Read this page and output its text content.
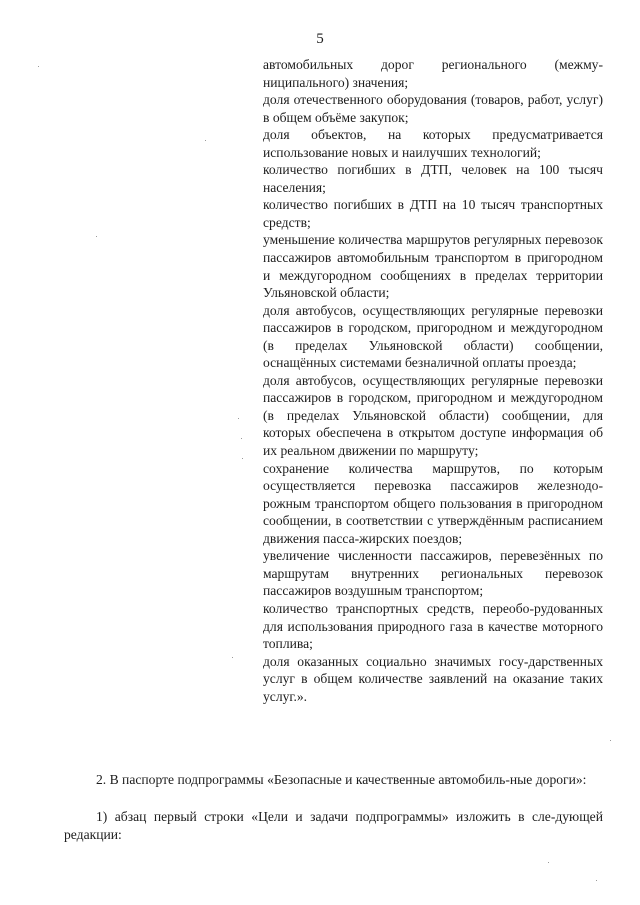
5
автомобильных дорог регионального (межму-ниципального) значения;
доля отечественного оборудования (товаров, работ, услуг) в общем объёме закупок;
доля объектов, на которых предусматривается использование новых и наилучших технологий;
количество погибших в ДТП, человек на 100 тысяч населения;
количество погибших в ДТП на 10 тысяч транспортных средств;
уменьшение количества маршрутов регулярных перевозок пассажиров автомобильным транспортом в пригородном и междугородном сообщениях в пределах территории Ульяновской области;
доля автобусов, осуществляющих регулярные перевозки пассажиров в городском, пригородном и междугородном (в пределах Ульяновской области) сообщении, оснащённых системами безналичной оплаты проезда;
доля автобусов, осуществляющих регулярные перевозки пассажиров в городском, пригородном и междугородном (в пределах Ульяновской области) сообщении, для которых обеспечена в открытом доступе информация об их реальном движении по маршруту;
сохранение количества маршрутов, по которым осуществляется перевозка пассажиров железнодо-рожным транспортом общего пользования в пригородном сообщении, в соответствии с утверждённым расписанием движения пасса-жирских поездов;
увеличение численности пассажиров, перевезённых по маршрутам внутренних региональных перевозок пассажиров воздушным транспортом;
количество транспортных средств, переобо-рудованных для использования природного газа в качестве моторного топлива;
доля оказанных социально значимых госу-дарственных услуг в общем количестве заявлений на оказание таких услуг.».

2. В паспорте подпрограммы «Безопасные и качественные автомобиль-ные дороги»:

1) абзац первый строки «Цели и задачи подпрограммы» изложить в сле-дующей редакции:
